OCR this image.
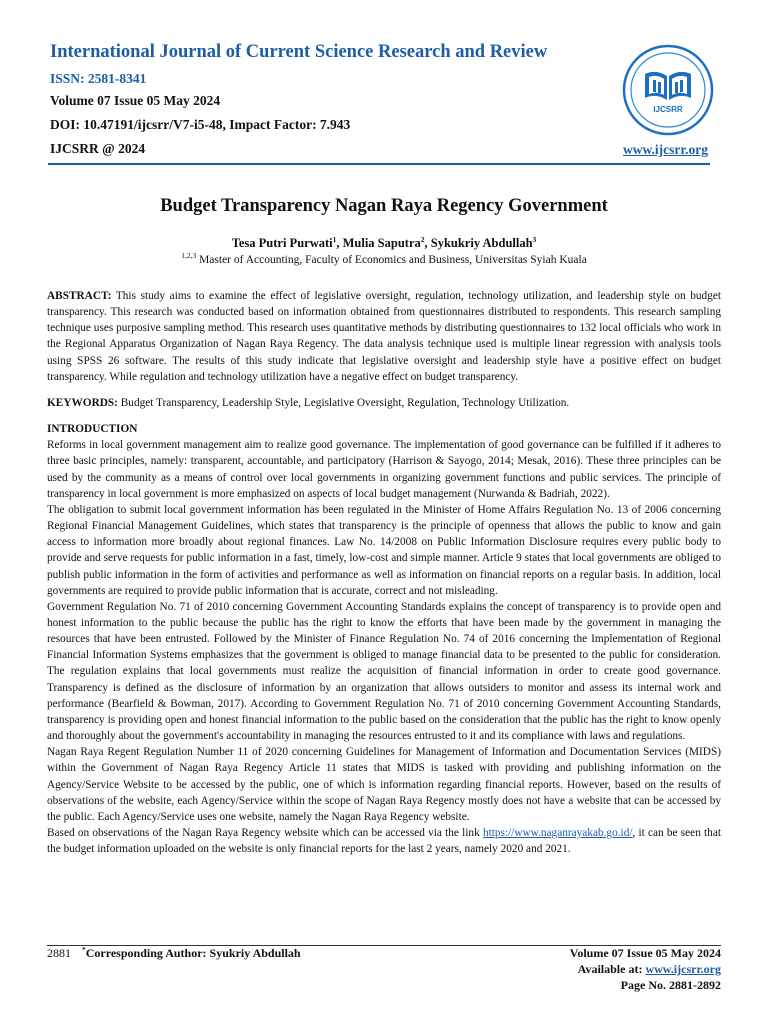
International Journal of Current Science Research and Review
ISSN: 2581-8341
Volume 07 Issue 05 May 2024
DOI: 10.47191/ijcsrr/V7-i5-48, Impact Factor: 7.943
IJCSRR @ 2024
IJCSRR
www.ijcsrr.org
Budget Transparency Nagan Raya Regency Government
Tesa Putri Purwati$^1$, Mulia Saputra$^2$, Sykukriy Abdullah$^3$
$^{1,2,3}$ Master of Accounting, Faculty of Economics and Business, Universitas Syiah Kuala

ABSTRACT: This study aims to examine the effect of legislative oversight, regulation, technology utilization, and leadership style on budget transparency. This research was conducted based on information obtained from questionnaires distributed to respondents. This research sampling technique uses purposive sampling method. This research uses quantitative methods by distributing questionnaires to 132 local officials who work in the Regional Apparatus Organization of Nagan Raya Regency. The data analysis technique used is multiple linear regression with analysis tools using SPSS 26 software. The results of this study indicate that legislative oversight and leadership style have a positive effect on budget transparency. While regulation and technology utilization have a negative effect on budget transparency.

KEYWORDS: Budget Transparency, Leadership Style, Legislative Oversight, Regulation, Technology Utilization.

INTRODUCTION

Reforms in local government management aim to realize good governance. The implementation of good governance can be fulfilled if it adheres to three basic principles, namely: transparent, accountable, and participatory (Harrison & Sayogo, 2014; Mesak, 2016). These three principles can be used by the community as a means of control over local governments in organizing government functions and public services. The principle of transparency in local government is more emphasized on aspects of local budget management (Nurwanda & Badriah, 2022).

The obligation to submit local government information has been regulated in the Minister of Home Affairs Regulation No. 13 of 2006 concerning Regional Financial Management Guidelines, which states that transparency is the principle of openness that allows the public to know and gain access to information more broadly about regional finances. Law No. 14/2008 on Public Information Disclosure requires every public body to provide and serve requests for public information in a fast, timely, low-cost and simple manner. Article 9 states that local governments are obliged to publish public information in the form of activities and performance as well as information on financial reports on a regular basis. In addition, local governments are required to provide public information that is accurate, correct and not misleading.

Government Regulation No. 71 of 2010 concerning Government Accounting Standards explains the concept of transparency is to provide open and honest information to the public because the public has the right to know the efforts that have been made by the government in managing the resources that have been entrusted. Followed by the Minister of Finance Regulation No. 74 of 2016 concerning the Implementation of Regional Financial Information Systems emphasizes that the government is obliged to manage financial data to be presented to the public for consideration. The regulation explains that local governments must realize the acquisition of financial information in order to create good governance. Transparency is defined as the disclosure of information by an organization that allows outsiders to monitor and assess its internal work and performance (Bearfield & Bowman, 2017). According to Government Regulation No. 71 of 2010 concerning Government Accounting Standards, transparency is providing open and honest financial information to the public based on the consideration that the public has the right to know openly and thoroughly about the government's accountability in managing the resources entrusted to it and its compliance with laws and regulations.

Nagan Raya Regent Regulation Number 11 of 2020 concerning Guidelines for Management of Information and Documentation Services (MIDS) within the Government of Nagan Raya Regency Article 11 states that MIDS is tasked with providing and publishing information on the Agency/Service Website to be accessed by the public, one of which is information regarding financial reports. However, based on the results of observations of the website, each Agency/Service within the scope of Nagan Raya Regency mostly does not have a website that can be accessed by the public. Each Agency/Service uses one website, namely the Nagan Raya Regency website.

Based on observations of the Nagan Raya Regency website which can be accessed via the link https://www.naganrayakab.go.id/, it can be seen that the budget information uploaded on the website is only financial reports for the last 2 years, namely 2020 and 2021.

2881 *Corresponding Author: Syukriy Abdullah	Volume 07 Issue 05 May 2024
Available at: www.ijcsrr.org
Page No. 2881-2892
